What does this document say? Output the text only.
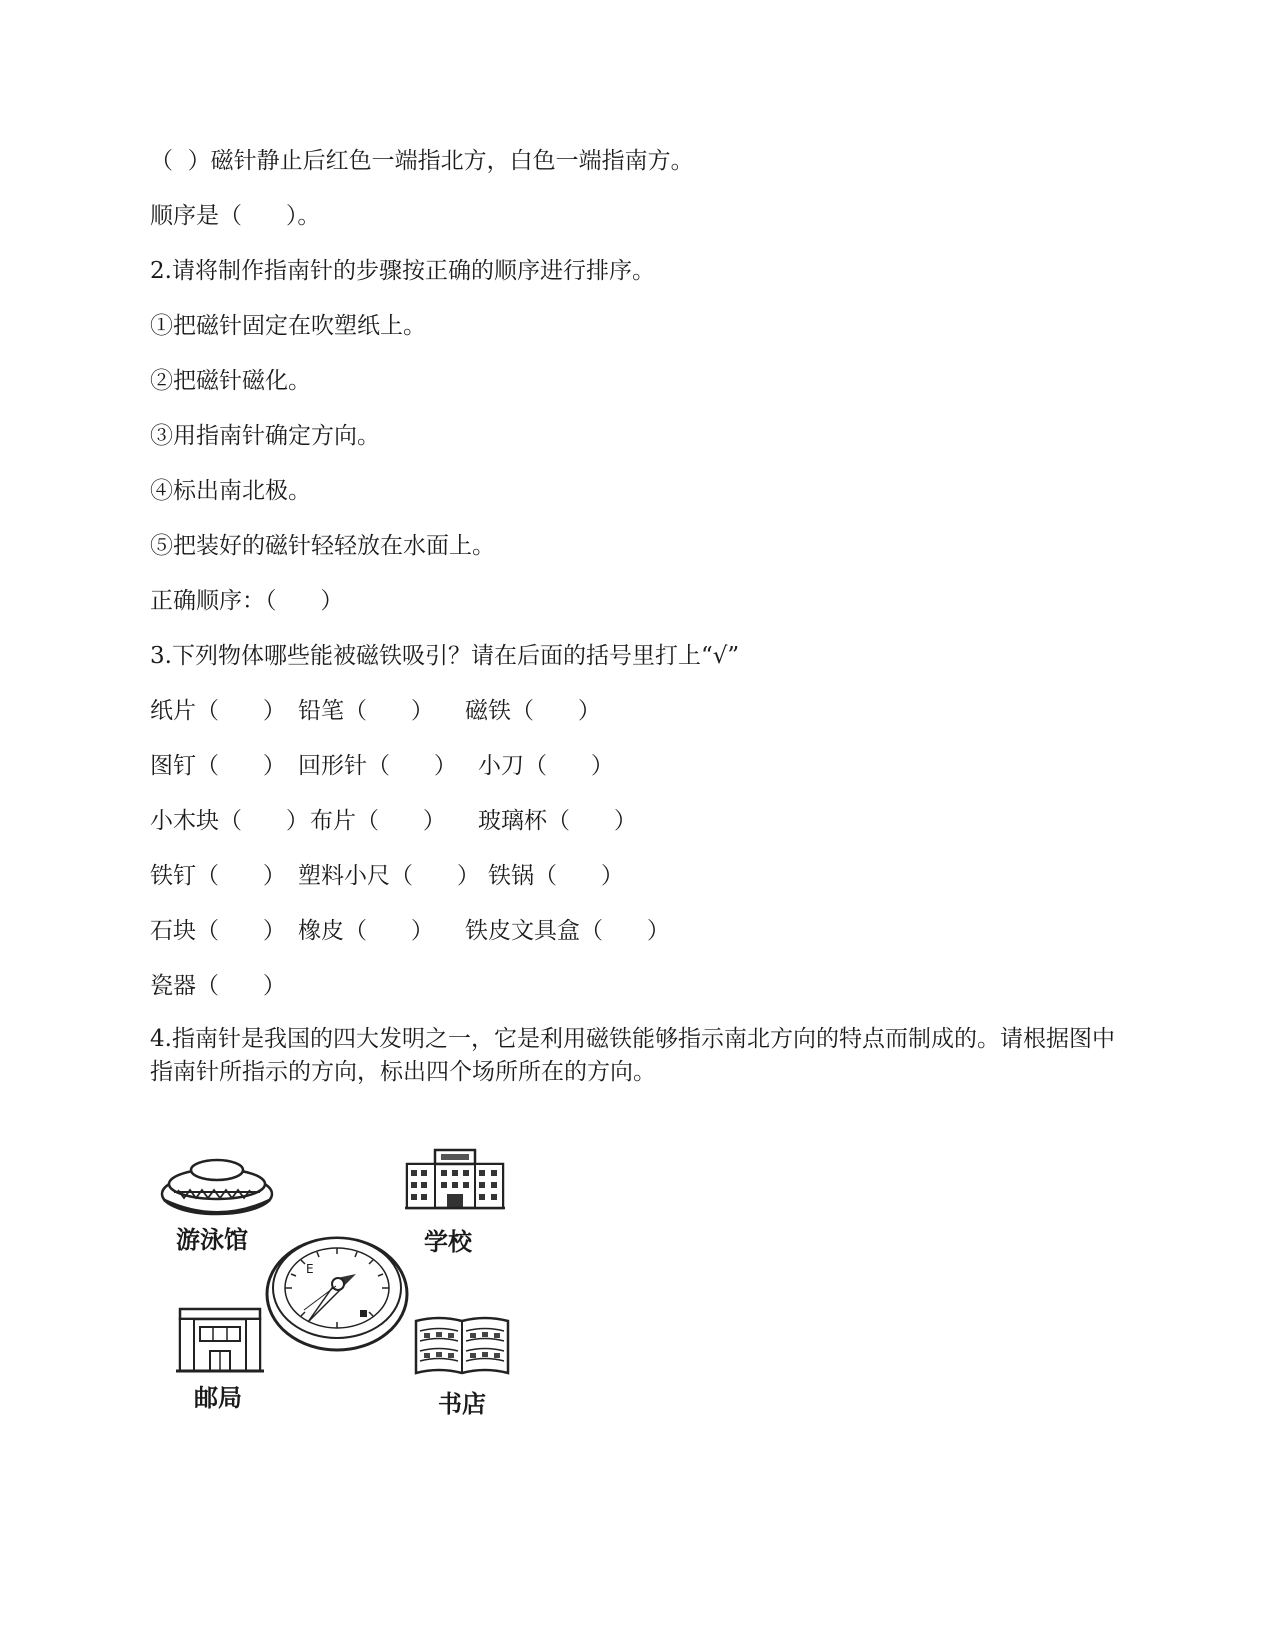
（  ）磁针静止后红色一端指北方，白色一端指南方。
顺序是（      ）。
2.请将制作指南针的步骤按正确的顺序进行排序。
①把磁针固定在吹塑纸上。
②把磁针磁化。
③用指南针确定方向。
④标出南北极。
⑤把装好的磁针轻轻放在水面上。
正确顺序：（      ）
3.下列物体哪些能被磁铁吸引？请在后面的括号里打上“√”

纸片（      ）

铅笔（      ）

磁铁（      ）

图钉（      ）

回形针（      ）

小刀（      ）

小木块（      ）

布片（      ）

玻璃杯（      ）

铁钉（      ）

塑料小尺（      ）

铁锅（      ）

石块（      ）

橡皮（      ）

铁皮文具盒（      ）

瓷器（      ）

4.指南针是我国的四大发明之一，它是利用磁铁能够指示南北方向的特点而制成的。请根据图中指南针所指示的方向，标出四个场所所在的方向。
游泳馆	学校
E
邮局	书店
